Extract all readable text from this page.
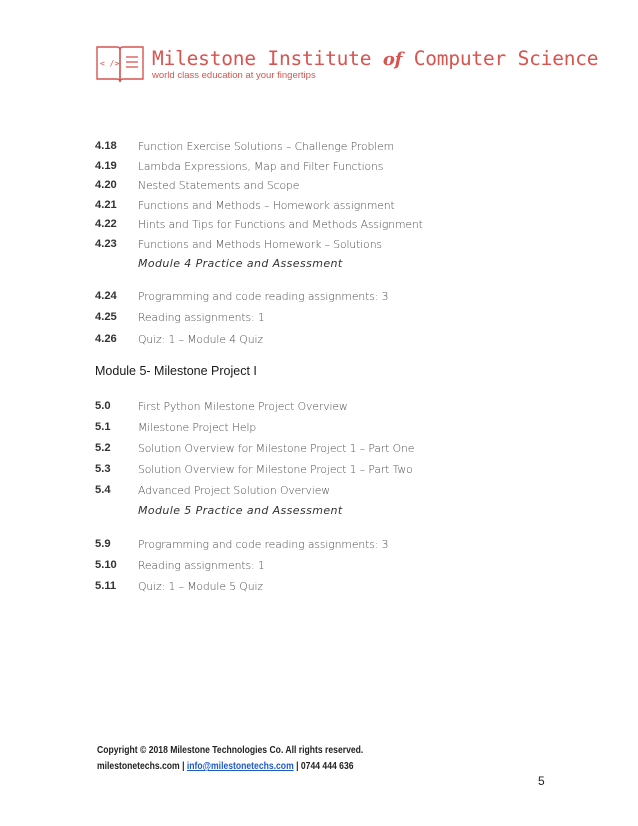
< /> Milestone Institute of Computer Science

world class education at your fingertips

4.18	Function Exercise Solutions – Challenge Problem
4.19	Lambda Expressions, Map and Filter Functions
4.20	Nested Statements and Scope
4.21	Functions and Methods – Homework assignment
4.22	Hints and Tips for Functions and Methods Assignment
4.23	Functions and Methods Homework – Solutions

Module 4 Practice and Assessment

4.24	Programming and code reading assignments: 3
4.25	Reading assignments: 1
4.26	Quiz: 1 – Module 4 Quiz
Module 5- Milestone Project I
5.0	First Python Milestone Project Overview
5.1	Milestone Project Help
5.2	Solution Overview for Milestone Project 1 – Part One
5.3	Solution Overview for Milestone Project 1 – Part Two
5.4	Advanced Project Solution Overview

Module 5 Practice and Assessment

5.9	Programming and code reading assignments: 3
5.10	Reading assignments: 1
5.11	Quiz: 1 – Module 5 Quiz

Copyright © 2018 Milestone Technologies Co. All rights reserved.

milestonetechs.com | info@milestonetechs.com | 0744 444 636

5
